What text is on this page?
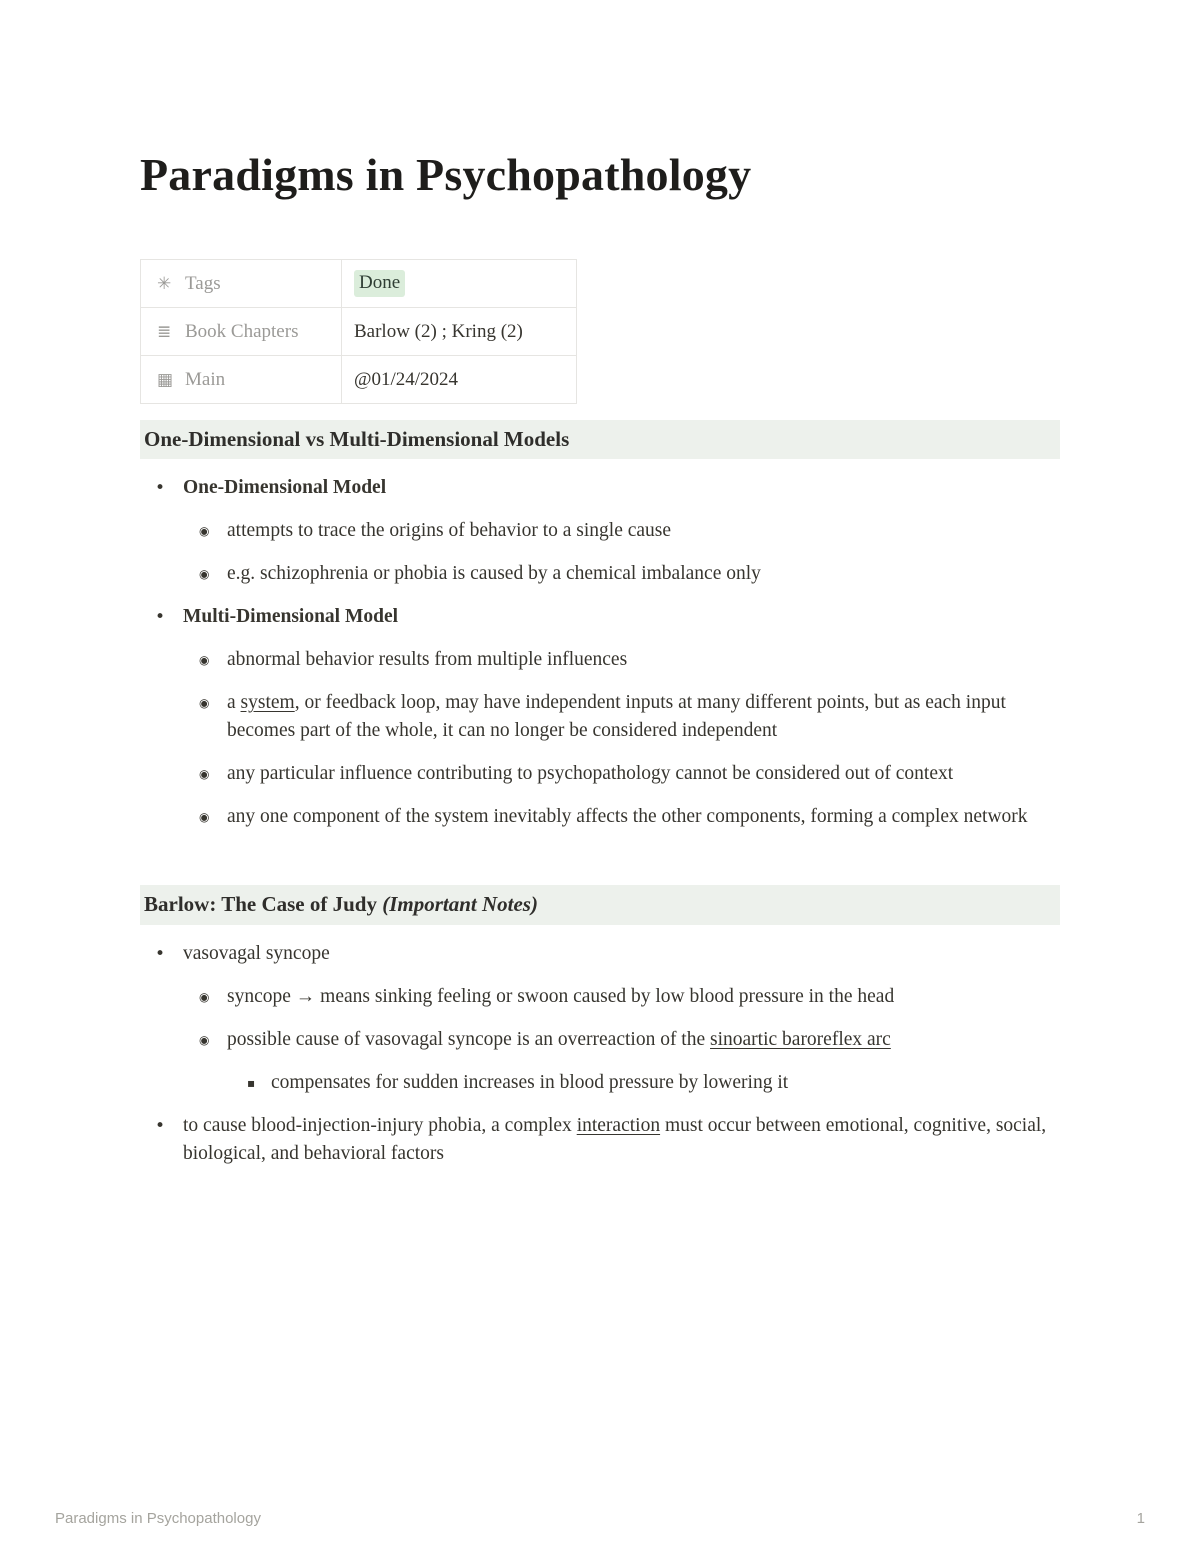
Paradigms in Psychopathology
✳ Tags	Done
≣ Book Chapters	Barlow (2) ; Kring (2)
▦ Main	@01/24/2024
One-Dimensional vs Multi-Dimensional Models
• One-Dimensional Model
◉ attempts to trace the origins of behavior to a single cause
◉ e.g. schizophrenia or phobia is caused by a chemical imbalance only
• Multi-Dimensional Model
◉ abnormal behavior results from multiple influences
◉ a system, or feedback loop, may have independent inputs at many different points, but as each input becomes part of the whole, it can no longer be considered independent
◉ any particular influence contributing to psychopathology cannot be considered out of context
◉ any one component of the system inevitably affects the other components, forming a complex network
Barlow: The Case of Judy (Important Notes)
• vasovagal syncope
◉ syncope → means sinking feeling or swoon caused by low blood pressure in the head
◉ possible cause of vasovagal syncope is an overreaction of the sinoartic baroreflex arc
▪ compensates for sudden increases in blood pressure by lowering it
• to cause blood-injection-injury phobia, a complex interaction must occur between emotional, cognitive, social, biological, and behavioral factors
Paradigms in Psychopathology	1
